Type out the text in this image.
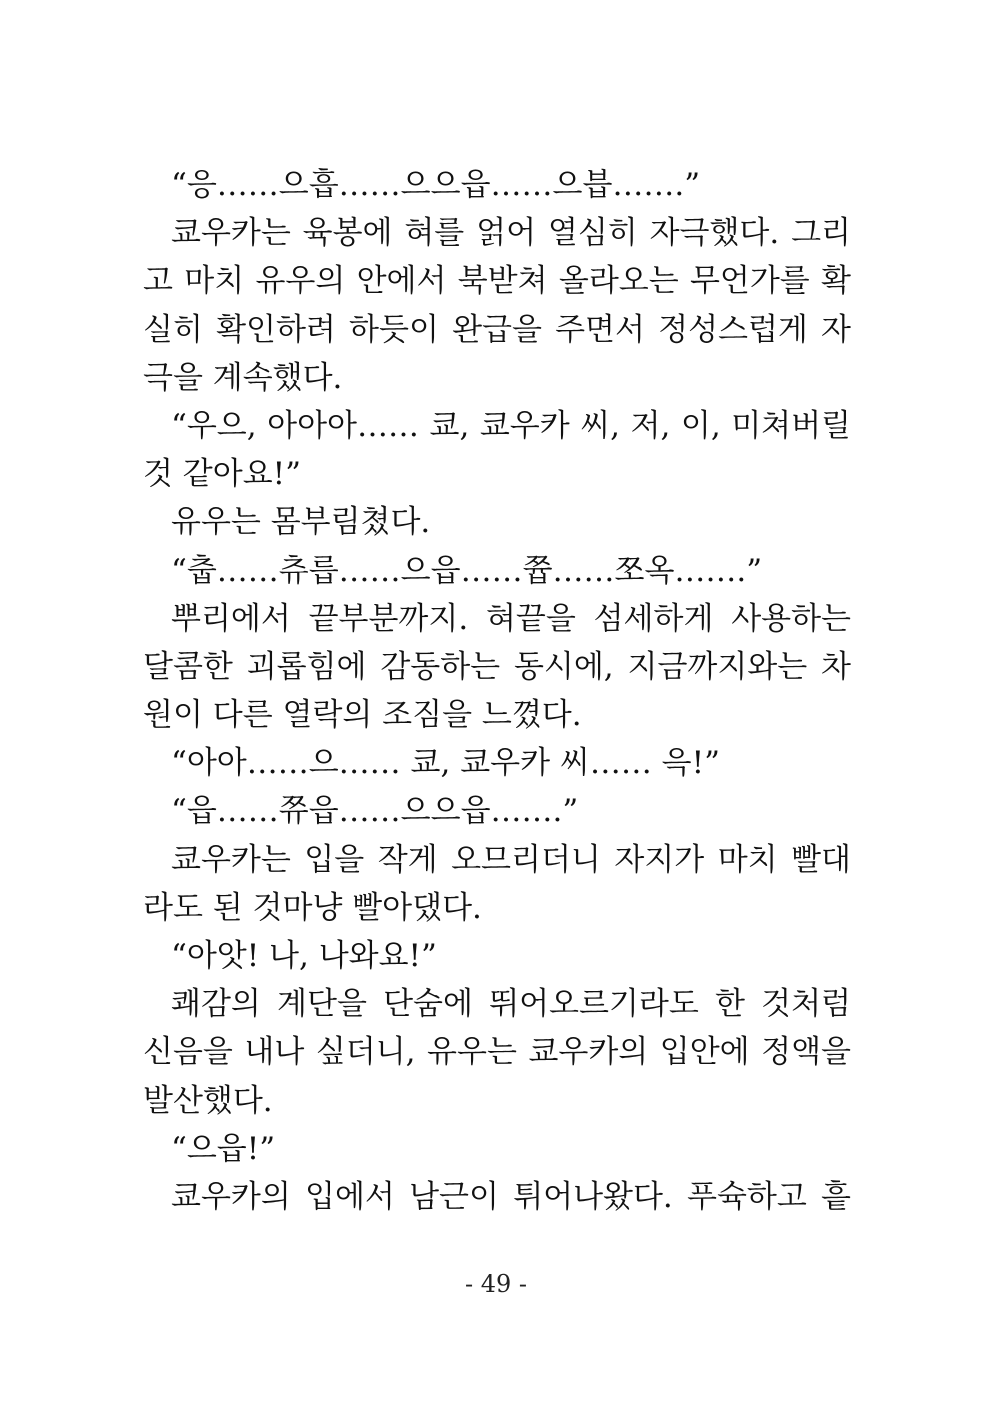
“응……으흡……으으읍……으븝…….”
쿄우카는 육봉에 혀를 얽어 열심히 자극했다. 그리
고 마치 유우의 안에서 북받쳐 올라오는 무언가를 확
실히 확인하려 하듯이 완급을 주면서 정성스럽게 자
극을 계속했다.
“우으, 아아아…… 쿄, 쿄우카 씨, 저, 이, 미쳐버릴
것 같아요!”
유우는 몸부림쳤다.
“춥……츄릅……으읍……쯉……쪼옥…….”
뿌리에서 끝부분까지. 혀끝을 섬세하게 사용하는
달콤한 괴롭힘에 감동하는 동시에, 지금까지와는 차
원이 다른 열락의 조짐을 느꼈다.
“아아……으…… 쿄, 쿄우카 씨…… 윽!”
“읍……쮸읍……으으읍…….”
쿄우카는 입을 작게 오므리더니 자지가 마치 빨대
라도 된 것마냥 빨아댔다.
“아앗! 나, 나와요!”
쾌감의 계단을 단숨에 뛰어오르기라도 한 것처럼
신음을 내나 싶더니, 유우는 쿄우카의 입안에 정액을
발산했다.
“으읍!”
쿄우카의 입에서 남근이 튀어나왔다. 푸슉하고 흩
- 49 -
